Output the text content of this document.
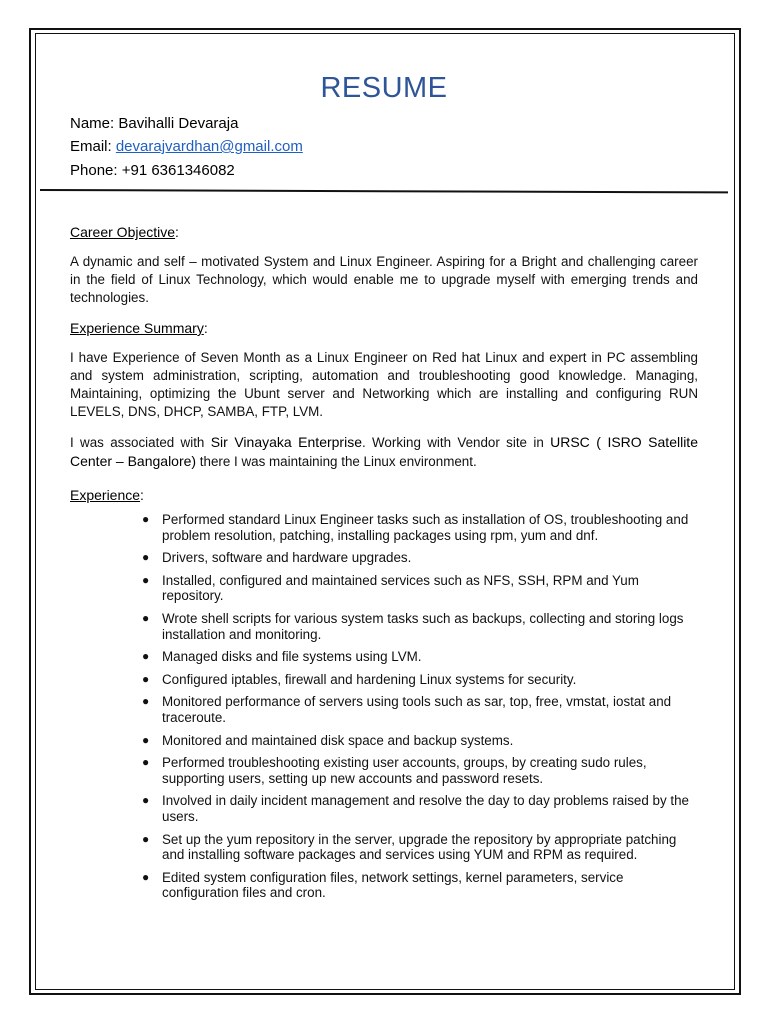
RESUME
Name: Bavihalli Devaraja
Email: devarajvardhan@gmail.com
Phone: +91 6361346082
Career Objective:
A dynamic and self – motivated System and Linux Engineer. Aspiring for a Bright and challenging career in the field of Linux Technology, which would enable me to upgrade myself with emerging trends and technologies.
Experience Summary:
I have Experience of Seven Month as a Linux Engineer on Red hat Linux and expert in PC assembling and system administration, scripting, automation and troubleshooting good knowledge. Managing, Maintaining, optimizing the Ubunt server and Networking which are installing and configuring RUN LEVELS, DNS, DHCP, SAMBA, FTP, LVM.
I was associated with Sir Vinayaka Enterprise. Working with Vendor site in URSC ( ISRO Satellite Center – Bangalore) there I was maintaining the Linux environment.
Experience:
● Performed standard Linux Engineer tasks such as installation of OS, troubleshooting and problem resolution, patching, installing packages using rpm, yum and dnf.
● Drivers, software and hardware upgrades.
● Installed, configured and maintained services such as NFS, SSH, RPM and Yum repository.
● Wrote shell scripts for various system tasks such as backups, collecting and storing logs installation and monitoring.
● Managed disks and file systems using LVM.
● Configured iptables, firewall and hardening Linux systems for security.
● Monitored performance of servers using tools such as sar, top, free, vmstat, iostat and traceroute.
● Monitored and maintained disk space and backup systems.
● Performed troubleshooting existing user accounts, groups, by creating sudo rules, supporting users, setting up new accounts and password resets.
● Involved in daily incident management and resolve the day to day problems raised by the users.
● Set up the yum repository in the server, upgrade the repository by appropriate patching and installing software packages and services using YUM and RPM as required.
● Edited system configuration files, network settings, kernel parameters, service configuration files and cron.
